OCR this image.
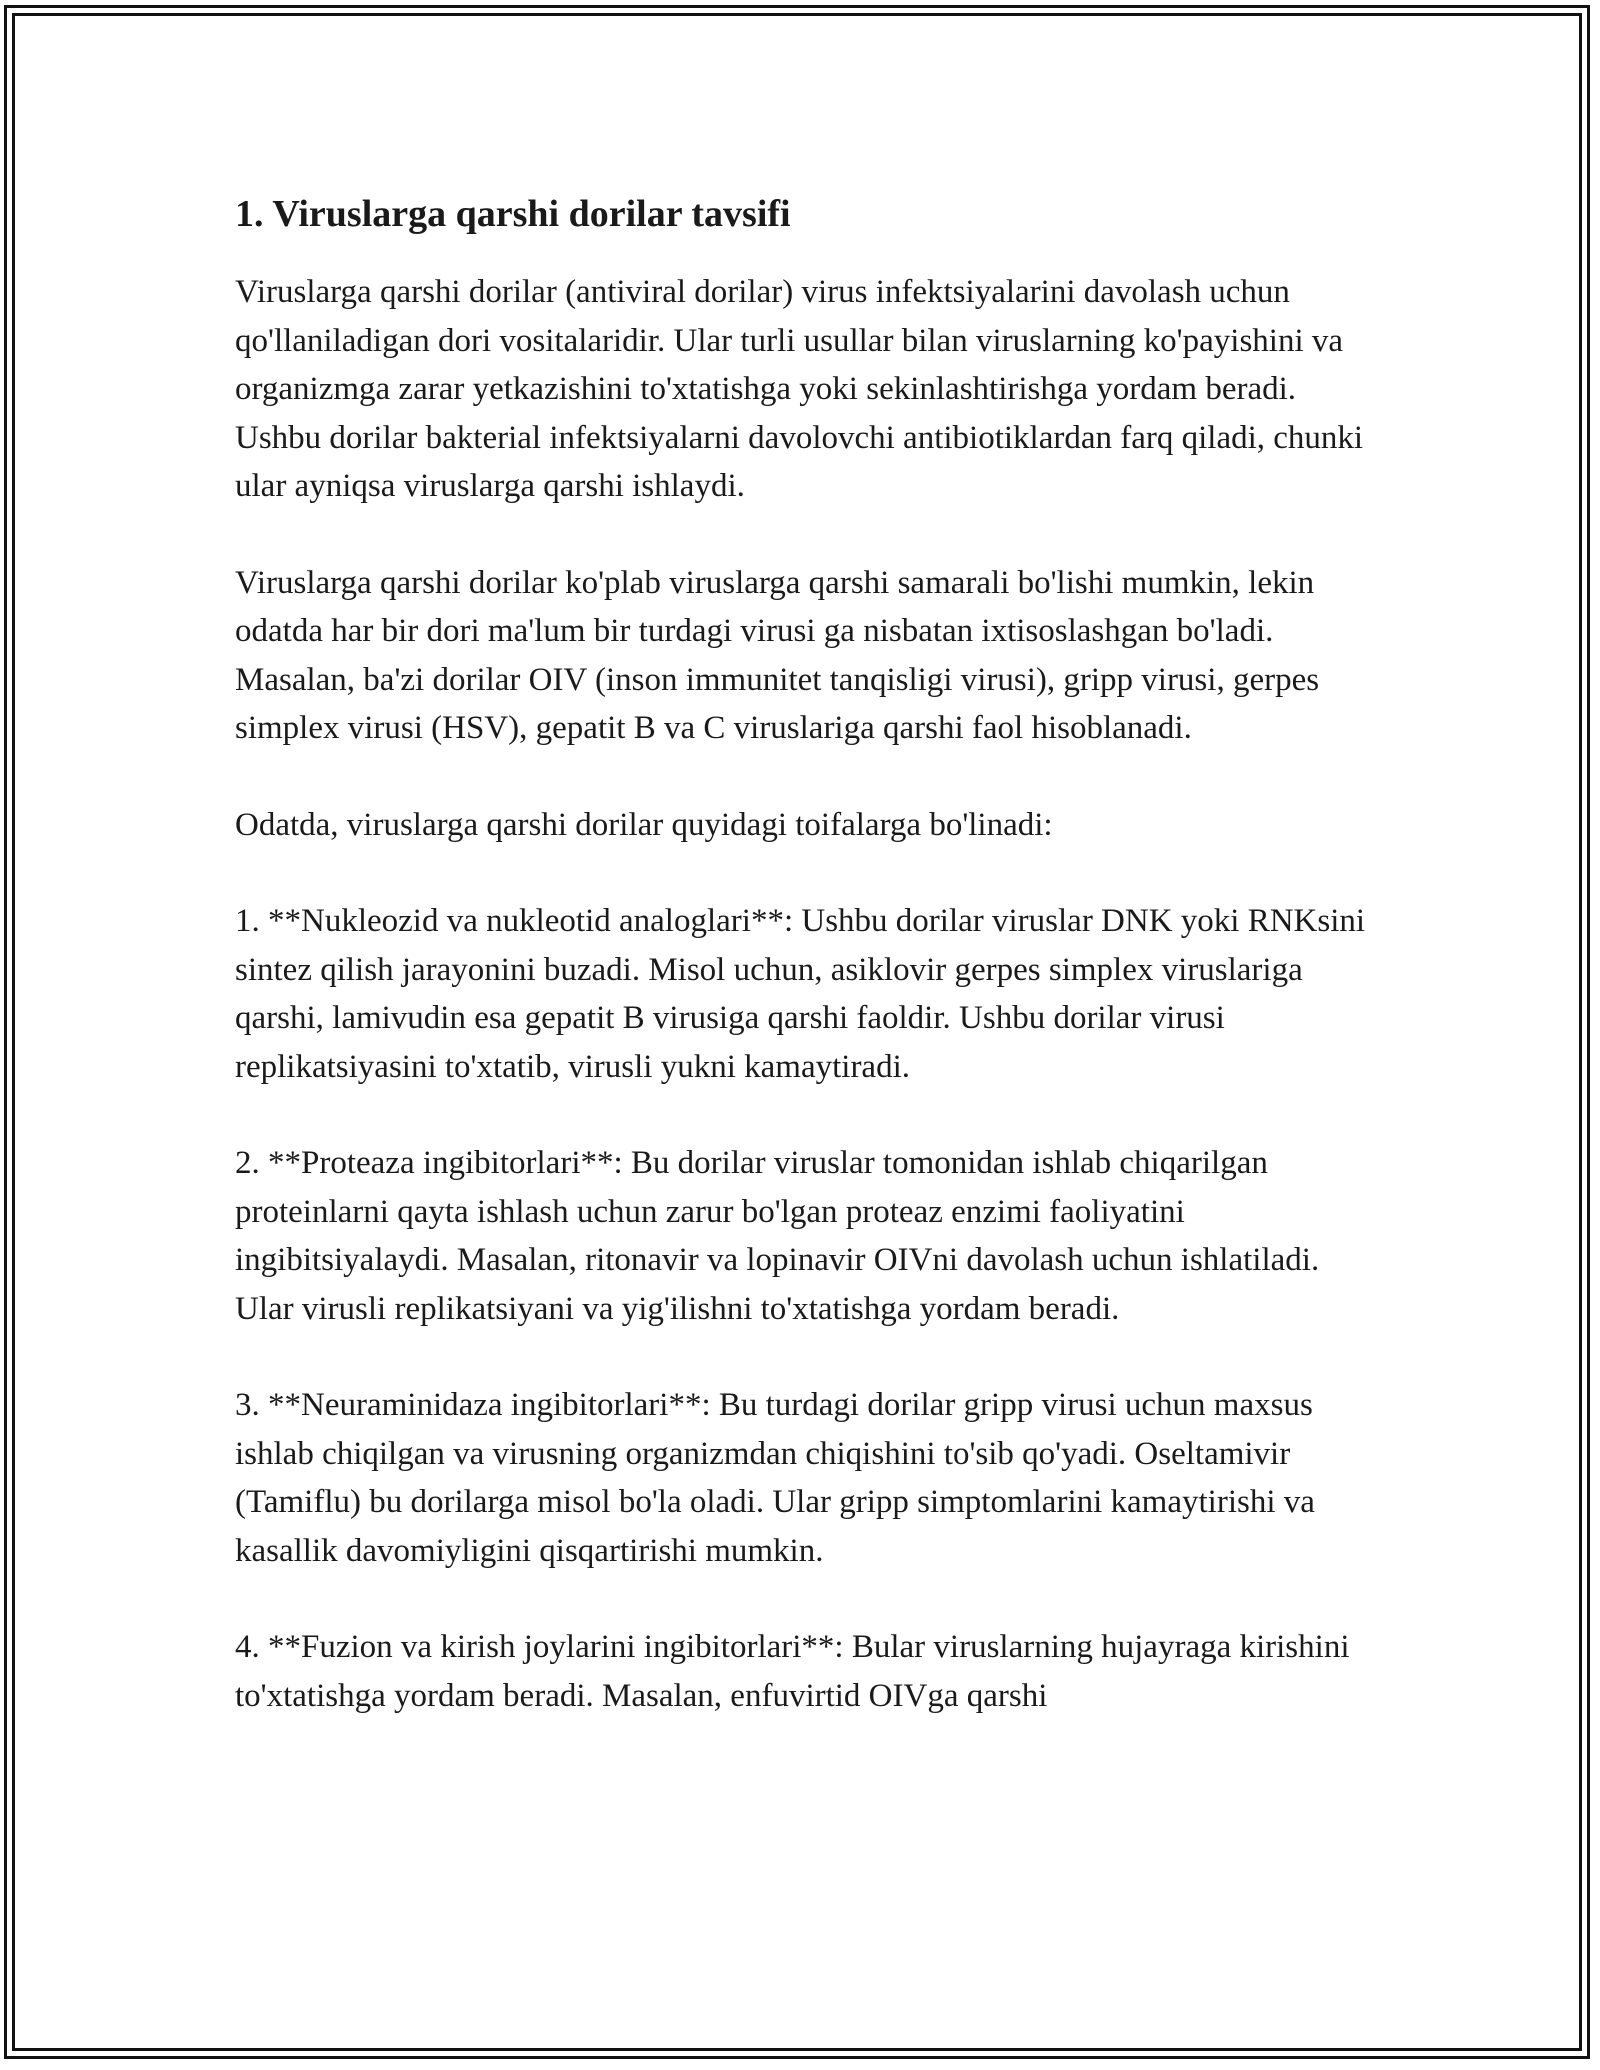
1. Viruslarga qarshi dorilar tavsifi

Viruslarga qarshi dorilar (antiviral dorilar) virus infektsiyalarini davolash uchun qo'llaniladigan dori vositalaridir. Ular turli usullar bilan viruslarning ko'payishini va organizmga zarar yetkazishini to'xtatishga yoki sekinlashtirishga yordam beradi. Ushbu dorilar bakterial infektsiyalarni davolovchi antibiotiklardan farq qiladi, chunki ular ayniqsa viruslarga qarshi ishlaydi.

Viruslarga qarshi dorilar ko'plab viruslarga qarshi samarali bo'lishi mumkin, lekin odatda har bir dori ma'lum bir turdagi virusi ga nisbatan ixtisoslashgan bo'ladi. Masalan, ba'zi dorilar OIV (inson immunitet tanqisligi virusi), gripp virusi, gerpes simplex virusi (HSV), gepatit B va C viruslariga qarshi faol hisoblanadi.

Odatda, viruslarga qarshi dorilar quyidagi toifalarga bo'linadi:

1. **Nukleozid va nukleotid analoglari**: Ushbu dorilar viruslar DNK yoki RNKsini sintez qilish jarayonini buzadi. Misol uchun, asiklovir gerpes simplex viruslariga qarshi, lamivudin esa gepatit B virusiga qarshi faoldir. Ushbu dorilar virusi replikatsiyasini to'xtatib, virusli yukni kamaytiradi.

2. **Proteaza ingibitorlari**: Bu dorilar viruslar tomonidan ishlab chiqarilgan proteinlarni qayta ishlash uchun zarur bo'lgan proteaz enzimi faoliyatini ingibitsiyalaydi. Masalan, ritonavir va lopinavir OIVni davolash uchun ishlatiladi. Ular virusli replikatsiyani va yig'ilishni to'xtatishga yordam beradi.

3. **Neuraminidaza ingibitorlari**: Bu turdagi dorilar gripp virusi uchun maxsus ishlab chiqilgan va virusning organizmdan chiqishini to'sib qo'yadi. Oseltamivir (Tamiflu) bu dorilarga misol bo'la oladi. Ular gripp simptomlarini kamaytirishi va kasallik davomiyligini qisqartirishi mumkin.

4. **Fuzion va kirish joylarini ingibitorlari**: Bular viruslarning hujayraga kirishini to'xtatishga yordam beradi. Masalan, enfuvirtid OIVga qarshi
